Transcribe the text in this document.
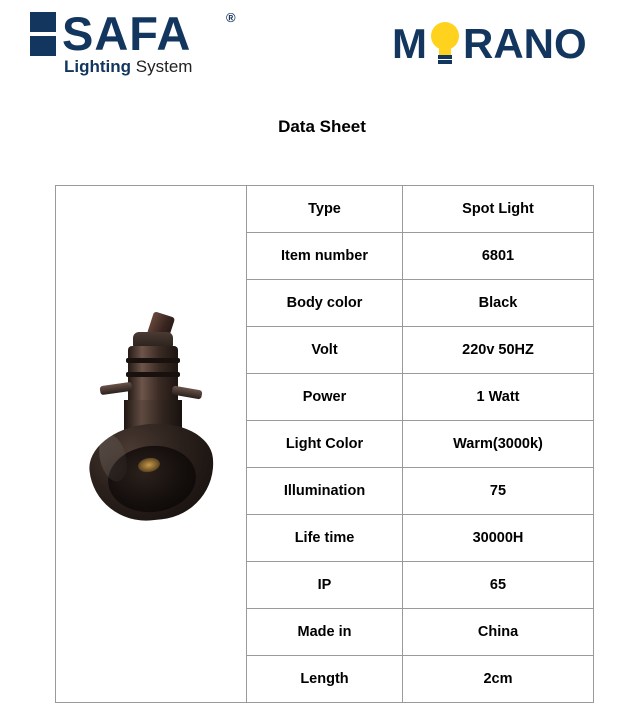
SAFA	®
Lighting System	M RANO
Data Sheet
	Type	Spot Light
	Item number	6801
	Body color	Black
	Volt	220v 50HZ
	Power	1 Watt
	Light Color	Warm(3000k)
	Illumination	75
	Life time	30000H
	IP	65
	Made in	China
	Length	2cm
